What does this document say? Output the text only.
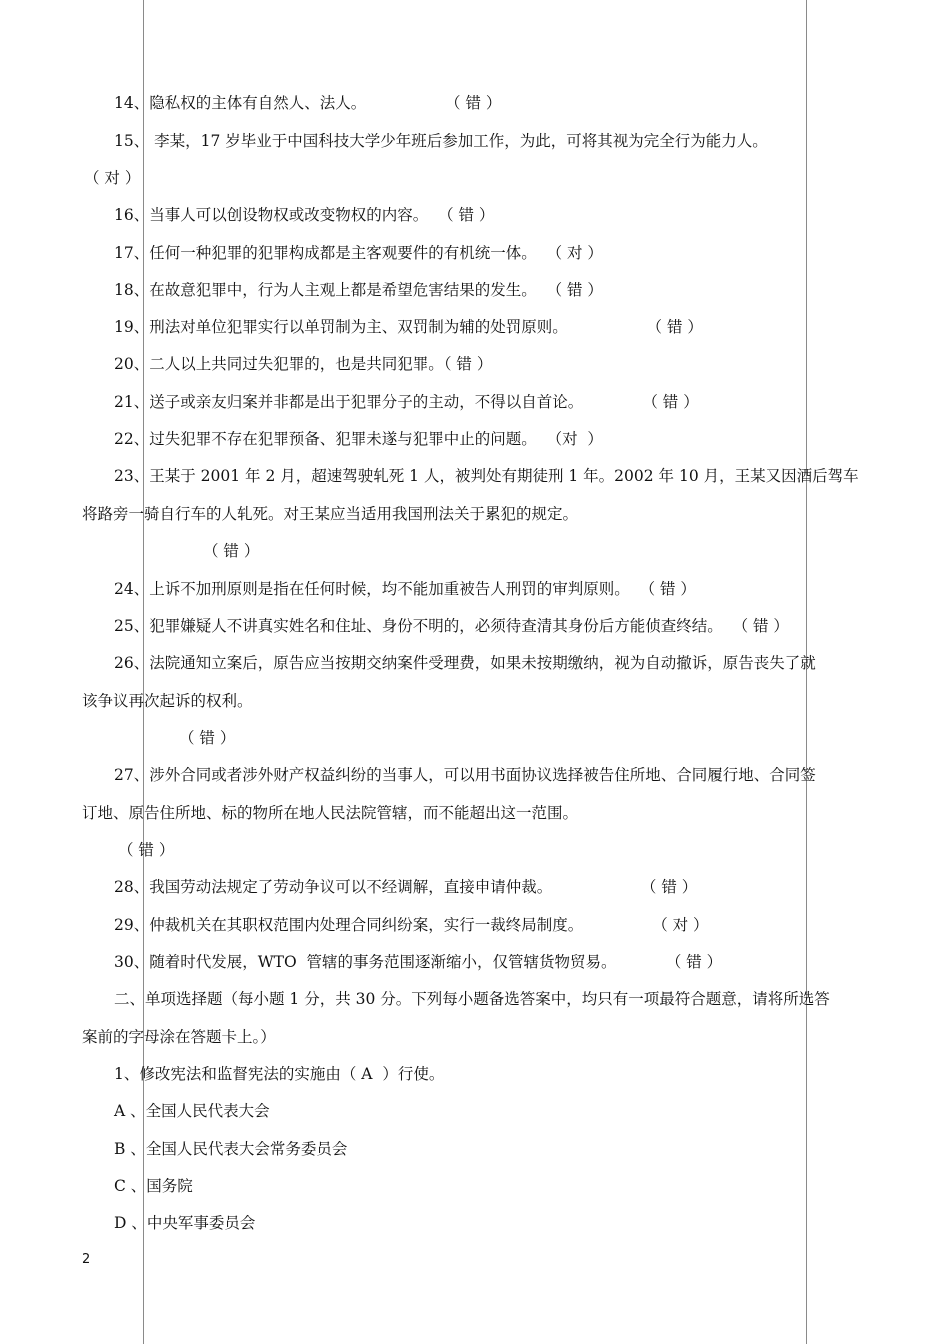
14、隐私权的主体有自然人、法人。                （ 错 ）
15、 李某，17 岁毕业于中国科技大学少年班后参加工作，为此，可将其视为完全行为能力人。
（ 对 ）
16、当事人可以创设物权或改变物权的内容。  （ 错 ）
17、任何一种犯罪的犯罪构成都是主客观要件的有机统一体。  （ 对 ）
18、在故意犯罪中，行为人主观上都是希望危害结果的发生。  （ 错 ）
19、刑法对单位犯罪实行以单罚制为主、双罚制为辅的处罚原则。                （ 错 ）
20、二人以上共同过失犯罪的，也是共同犯罪。（ 错 ）
21、送子或亲友归案并非都是出于犯罪分子的主动，不得以自首论。            （ 错 ）
22、过失犯罪不存在犯罪预备、犯罪未遂与犯罪中止的问题。  （对  ）
23、王某于 2001 年 2 月，超速驾驶轧死 1 人，被判处有期徒刑 1 年。2002 年 10 月，王某又因酒后驾车
将路旁一骑自行车的人轧死。对王某应当适用我国刑法关于累犯的规定。
（ 错 ）
24、上诉不加刑原则是指在任何时候，均不能加重被告人刑罚的审判原则。  （ 错 ）
25、犯罪嫌疑人不讲真实姓名和住址、身份不明的，必须待查清其身份后方能侦查终结。  （ 错 ）
26、法院通知立案后，原告应当按期交纳案件受理费，如果未按期缴纳，视为自动撤诉，原告丧失了就
该争议再次起诉的权利。
（ 错 ）
27、涉外合同或者涉外财产权益纠纷的当事人，可以用书面协议选择被告住所地、合同履行地、合同签
订地、原告住所地、标的物所在地人民法院管辖，而不能超出这一范围。
（ 错 ）
28、我国劳动法规定了劳动争议可以不经调解，直接申请仲裁。                  （ 错 ）
29、仲裁机关在其职权范围内处理合同纠纷案，实行一裁终局制度。              （ 对 ）
30、随着时代发展，WTO  管辖的事务范围逐渐缩小，仅管辖货物贸易。          （ 错 ）
二、单项选择题（每小题 1 分，共 30 分。下列每小题备选答案中，均只有一项最符合题意，请将所选答
案前的字母涂在答题卡上。）
1、修改宪法和监督宪法的实施由（ A  ）行使。
A 、全国人民代表大会
B 、全国人民代表大会常务委员会
C 、国务院
D 、中央军事委员会
2
